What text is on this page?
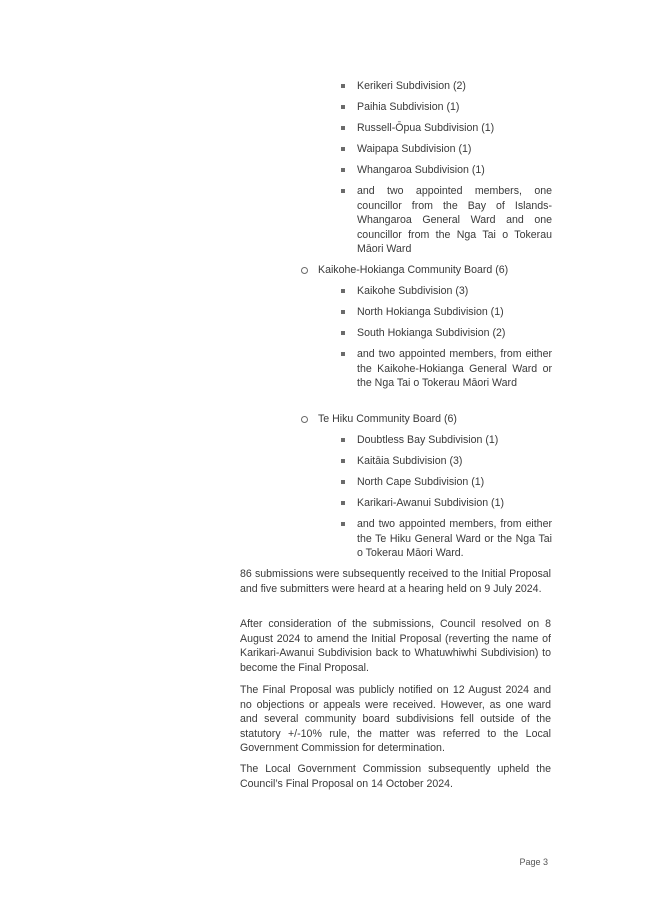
Kerikeri Subdivision (2)
Paihia Subdivision (1)
Russell-Ōpua Subdivision (1)
Waipapa Subdivision (1)
Whangaroa Subdivision (1)
and two appointed members, one councillor from the Bay of Islands-Whangaroa General Ward and one councillor from the Nga Tai o Tokerau Māori Ward
Kaikohe-Hokianga Community Board (6)
Kaikohe Subdivision (3)
North Hokianga Subdivision (1)
South Hokianga Subdivision (2)
and two appointed members, from either the Kaikohe-Hokianga General Ward or the Nga Tai o Tokerau Māori Ward
Te Hiku Community Board (6)
Doubtless Bay Subdivision (1)
Kaitāia Subdivision (3)
North Cape Subdivision (1)
Karikari-Awanui Subdivision (1)
and two appointed members, from either the Te Hiku General Ward or the Nga Tai o Tokerau Māori Ward.

86 submissions were subsequently received to the Initial Proposal and five submitters were heard at a hearing held on 9 July 2024.

After consideration of the submissions, Council resolved on 8 August 2024 to amend the Initial Proposal (reverting the name of Karikari-Awanui Subdivision back to Whatuwhiwhi Subdivision) to become the Final Proposal.

The Final Proposal was publicly notified on 12 August 2024 and no objections or appeals were received. However, as one ward and several community board subdivisions fell outside of the statutory +/-10% rule, the matter was referred to the Local Government Commission for determination.

The Local Government Commission subsequently upheld the Council’s Final Proposal on 14 October 2024.

Page 3
